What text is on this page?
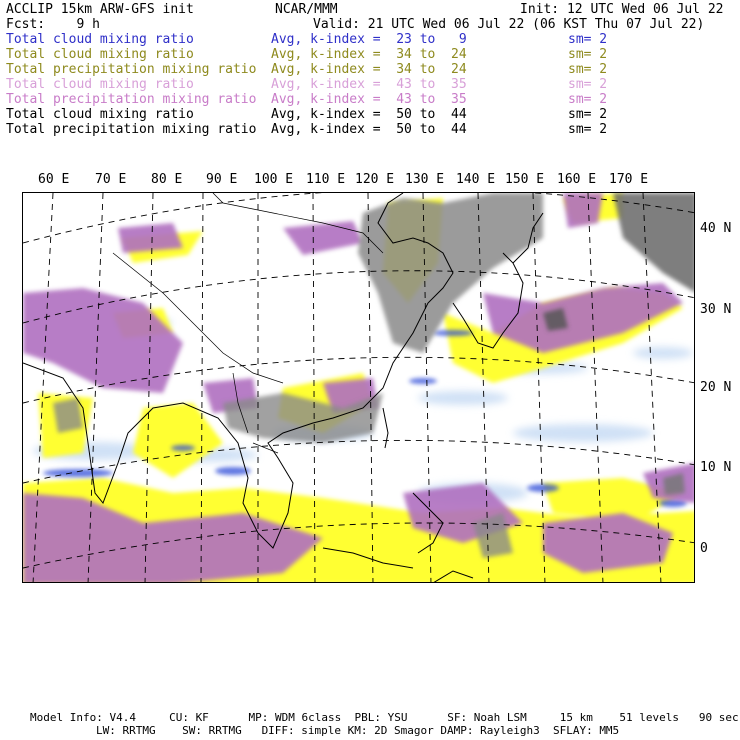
ACCLIP 15km ARW-GFS init	NCAR/MMM	Init: 12 UTC Wed 06 Jul 22
Fcst:    9 h	Valid: 21 UTC Wed 06 Jul 22 (06 KST Thu 07 Jul 22)
Total cloud mixing ratio	Avg, k-index =  23 to   9	sm= 2
Total cloud mixing ratio	Avg, k-index =  34 to  24	sm= 2
Total precipitation mixing ratio Avg, k-index =  34 to  24	sm= 2
Total cloud mixing ratio	Avg, k-index =  43 to  35	sm= 2
Total precipitation mixing ratio Avg, k-index =  43 to  35	sm= 2
Total cloud mixing ratio	Avg, k-index =  50 to  44	sm= 2
Total precipitation mixing ratio Avg, k-index =  50 to  44	sm= 2
60 E 70 E 80 E 90 E 100 E 110 E 120 E 130 E 140 E 150 E 160 E 170 E
40 N
30 N
20 N
10 N
0
Model Info: V4.4     CU: KF      MP: WDM 6class  PBL: YSU      SF: Noah LSM     15 km    51 levels   90 sec
LW: RRTMG    SW: RRTMG   DIFF: simple KM: 2D Smagor DAMP: Rayleigh3  SFLAY: MM5
